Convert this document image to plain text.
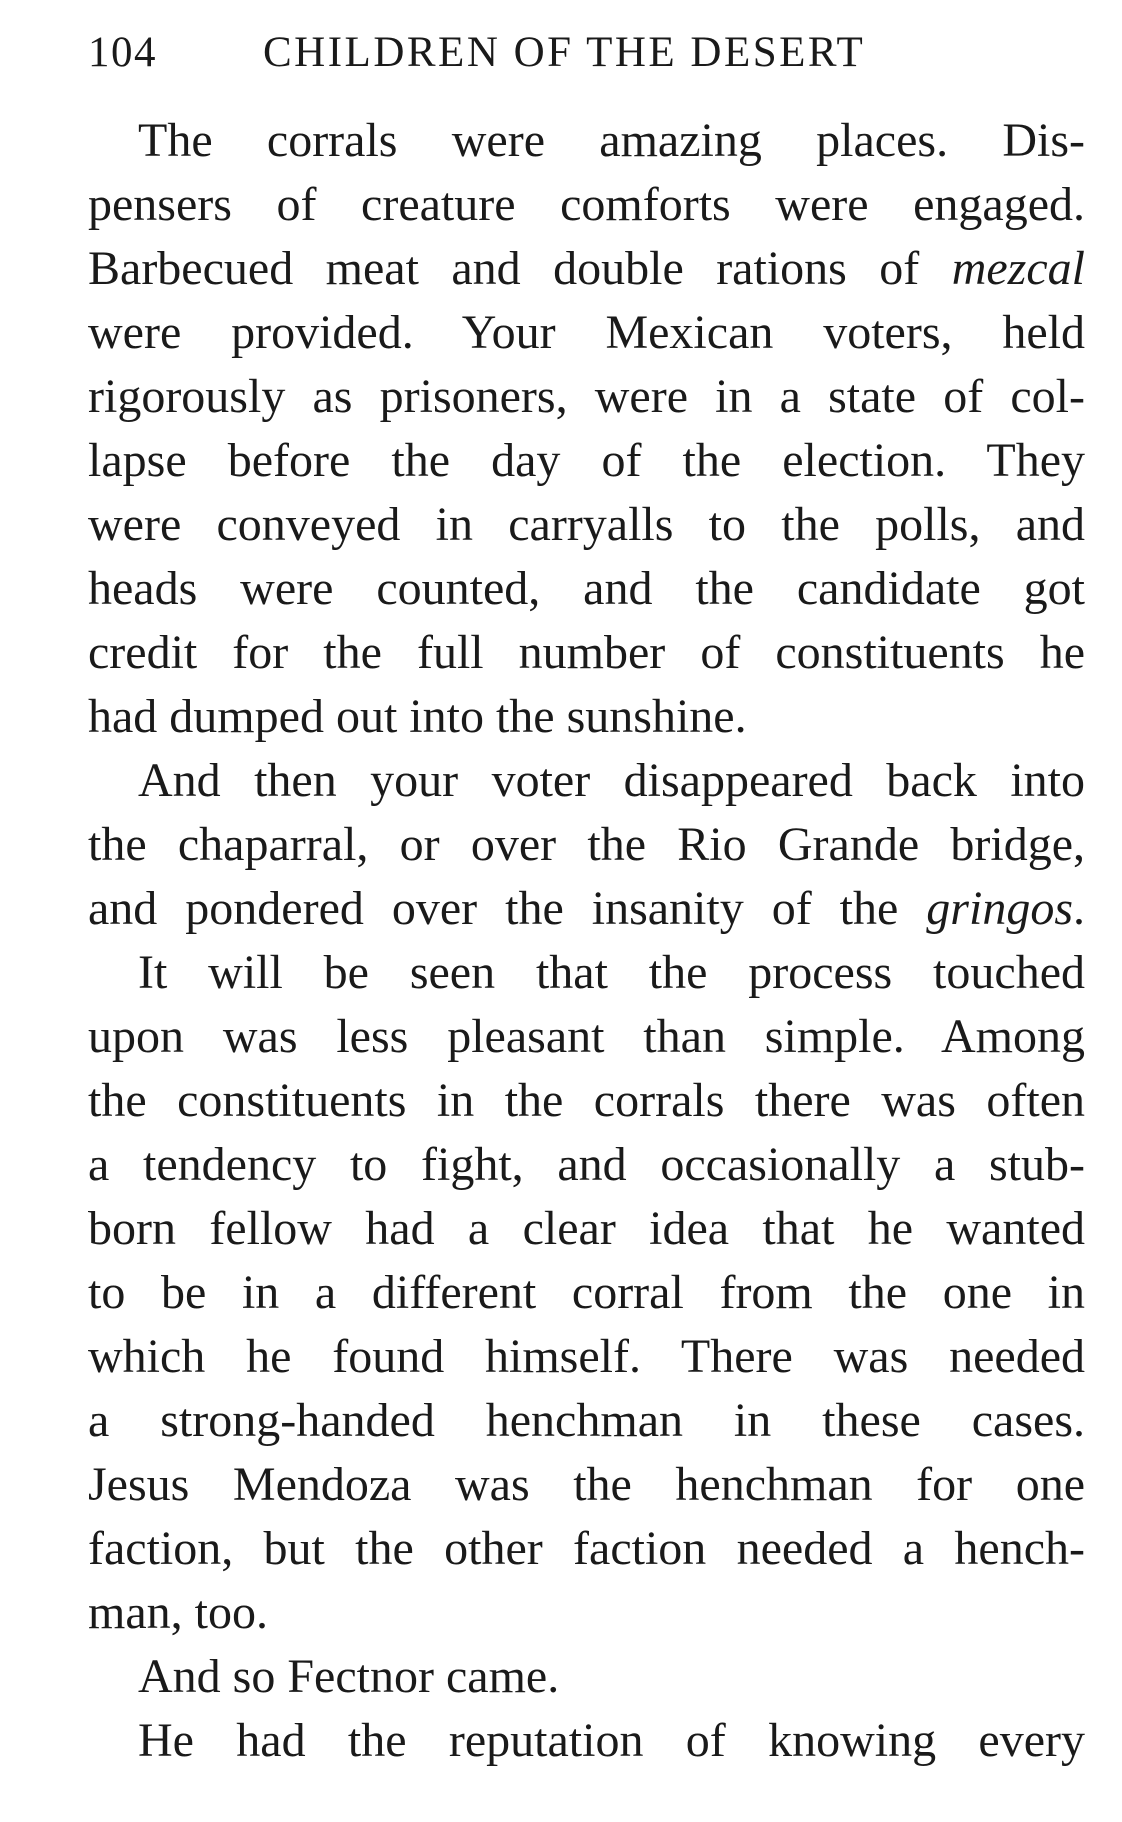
104 CHILDREN OF THE DESERT
The corrals were amazing places. Dis-
pensers of creature comforts were engaged.
Barbecued meat and double rations of mezcal
were provided. Your Mexican voters, held
rigorously as prisoners, were in a state of col-
lapse before the day of the election. They
were conveyed in carryalls to the polls, and
heads were counted, and the candidate got
credit for the full number of constituents he
had dumped out into the sunshine.
And then your voter disappeared back into
the chaparral, or over the Rio Grande bridge,
and pondered over the insanity of the gringos.
It will be seen that the process touched
upon was less pleasant than simple. Among
the constituents in the corrals there was often
a tendency to fight, and occasionally a stub-
born fellow had a clear idea that he wanted
to be in a different corral from the one in
which he found himself. There was needed
a strong-handed henchman in these cases.
Jesus Mendoza was the henchman for one
faction, but the other faction needed a hench-
man, too.
And so Fectnor came.
He had the reputation of knowing every
